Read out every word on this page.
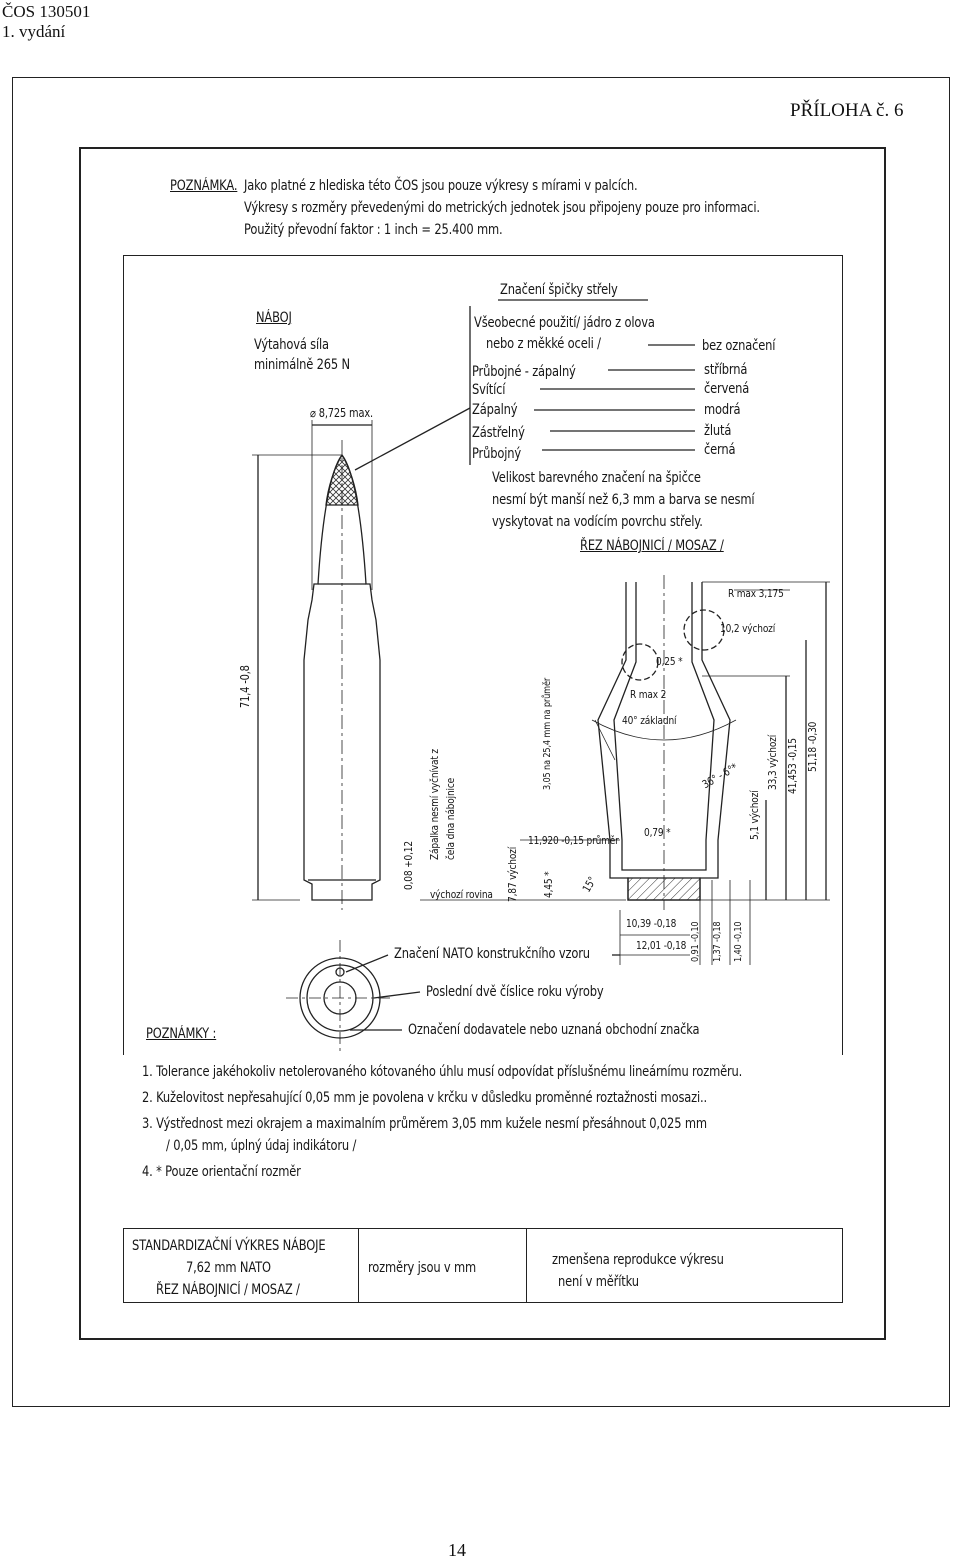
ČOS 130501
1. vydání
PŘÍLOHA č. 6
POZNÁMKA. Jako platné z hlediska této ČOS jsou pouze výkresy s mírami v palcích.
Výkresy s rozměry převedenými do metrických jednotek jsou připojeny pouze pro informaci.
Použitý převodní faktor : 1 inch = 25.400 mm.
NÁBOJ
Výtahová síla
minimálně 265 N
⌀ 8,725 max.
71,4 -0,8
0,08 +0,12
Zápalka nesmí vyčnívat z čela dna nábojnice
výchozí rovina
Značení špičky střely
Všeobecné použití/ jádro z olova
nebo z měkké oceli /	bez označení
Průbojné - zápalný	stříbrná
Svítící	červená
Zápalný	modrá
Zástřelný	žlutá
Průbojný	černá
Velikost barevného značení na špičce
nesmí být manší než 6,3 mm a barva se nesmí
vyskytovat na vodícím povrchu střely.
ŘEZ NÁBOJNICÍ / MOSAZ /
R max 3,175
10,2 výchozí
0,25 *
R max 2
40° základní
3,05 na 25,4 mm na průměr	36° - 6°*
0,79 *
11,920 -0,15 průměr
7,87 výchozí 4,45 * 15°
5,1 výchozí
33,3 výchozí 41,453 -0,15 51,18 -0,30
10,39 -0,18
12,01 -0,18 0,91 -0,10 1,37 -0,18 1,40 -0,10
Značení NATO konstrukčního vzoru
Poslední dvě číslice roku výroby
Označení dodavatele nebo uznaná obchodní značka
POZNÁMKY :
1. Tolerance jakéhokoliv netolerovaného kótovaného úhlu musí odpovídat příslušnému lineárnímu rozměru.
2. Kuželovitost nepřesahující 0,05 mm je povolena v krčku v důsledku proměnné roztažnosti mosazi..
3. Výstřednost mezi okrajem a maximalním průměrem 3,05 mm kužele nesmí přesáhnout 0,025 mm
/ 0,05 mm, úplný údaj indikátoru /
4. * Pouze orientační rozměr
STANDARDIZAČNÍ VÝKRES NÁBOJE
7,62 mm NATO
ŘEZ NÁBOJNICÍ / MOSAZ /
rozměry jsou v mm	zmenšena reprodukce výkresu
není v měřítku
14
